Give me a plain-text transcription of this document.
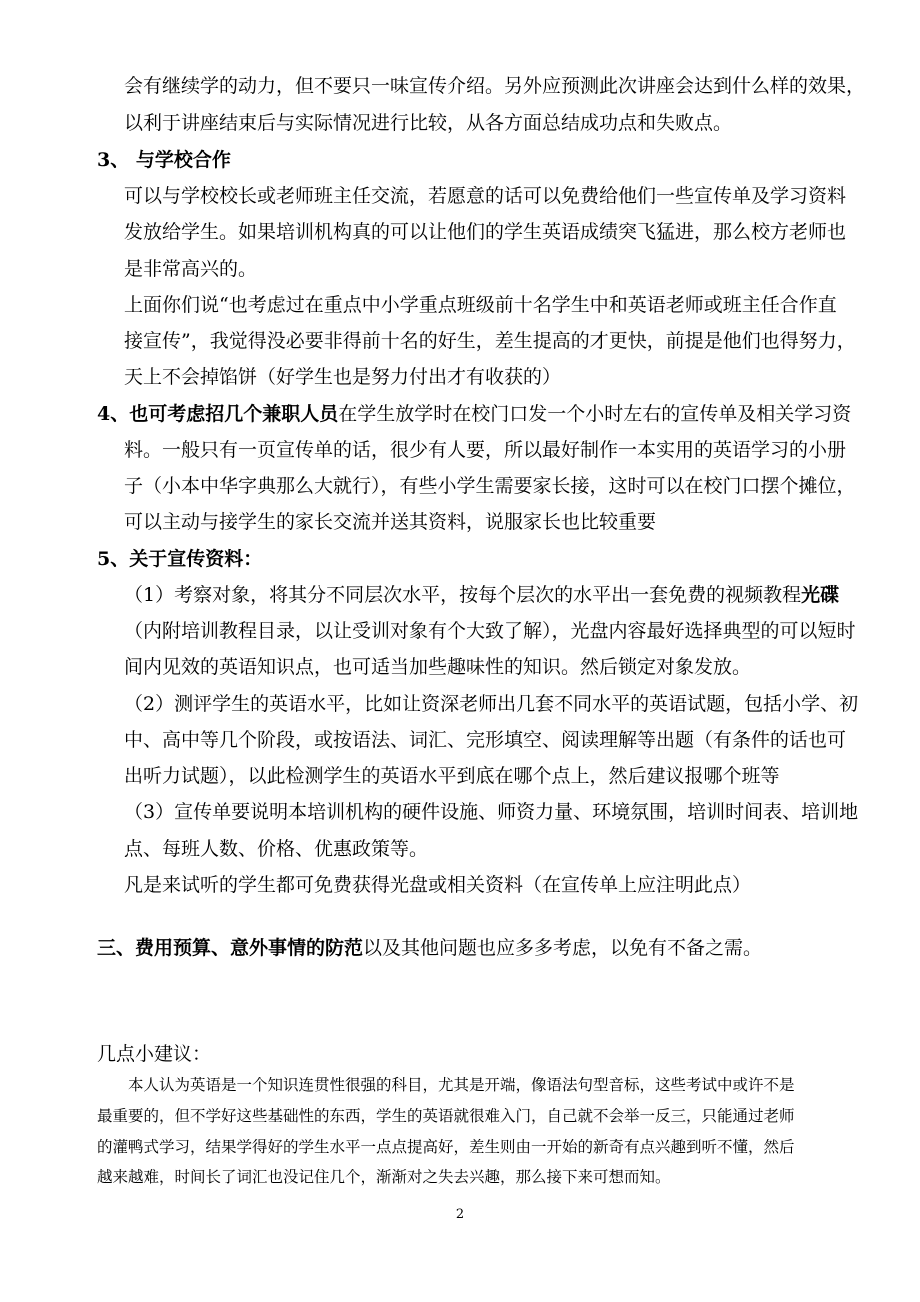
会有继续学的动力，但不要只一味宣传介绍。另外应预测此次讲座会达到什么样的效果，
以利于讲座结束后与实际情况进行比较，从各方面总结成功点和失败点。
3、 与学校合作
可以与学校校长或老师班主任交流，若愿意的话可以免费给他们一些宣传单及学习资料
发放给学生。如果培训机构真的可以让他们的学生英语成绩突飞猛进，那么校方老师也
是非常高兴的。
上面你们说“也考虑过在重点中小学重点班级前十名学生中和英语老师或班主任合作直
接宣传”，我觉得没必要非得前十名的好生，差生提高的才更快，前提是他们也得努力，
天上不会掉馅饼（好学生也是努力付出才有收获的）
4、也可考虑招几个兼职人员在学生放学时在校门口发一个小时左右的宣传单及相关学习资
料。一般只有一页宣传单的话，很少有人要，所以最好制作一本实用的英语学习的小册
子（小本中华字典那么大就行），有些小学生需要家长接，这时可以在校门口摆个摊位，
可以主动与接学生的家长交流并送其资料，说服家长也比较重要
5、关于宣传资料：
（1）考察对象，将其分不同层次水平，按每个层次的水平出一套免费的视频教程光碟
（内附培训教程目录，以让受训对象有个大致了解），光盘内容最好选择典型的可以短时
间内见效的英语知识点，也可适当加些趣味性的知识。然后锁定对象发放。
（2）测评学生的英语水平，比如让资深老师出几套不同水平的英语试题，包括小学、初
中、高中等几个阶段，或按语法、词汇、完形填空、阅读理解等出题（有条件的话也可
出听力试题），以此检测学生的英语水平到底在哪个点上，然后建议报哪个班等
（3）宣传单要说明本培训机构的硬件设施、师资力量、环境氛围，培训时间表、培训地
点、每班人数、价格、优惠政策等。
凡是来试听的学生都可免费获得光盘或相关资料（在宣传单上应注明此点）
三、费用预算、意外事情的防范以及其他问题也应多多考虑，以免有不备之需。
几点小建议：
本人认为英语是一个知识连贯性很强的科目，尤其是开端，像语法句型音标，这些考试中或许不是
最重要的，但不学好这些基础性的东西，学生的英语就很难入门，自己就不会举一反三，只能通过老师
的灌鸭式学习，结果学得好的学生水平一点点提高好，差生则由一开始的新奇有点兴趣到听不懂，然后
越来越难，时间长了词汇也没记住几个，渐渐对之失去兴趣，那么接下来可想而知。
2
